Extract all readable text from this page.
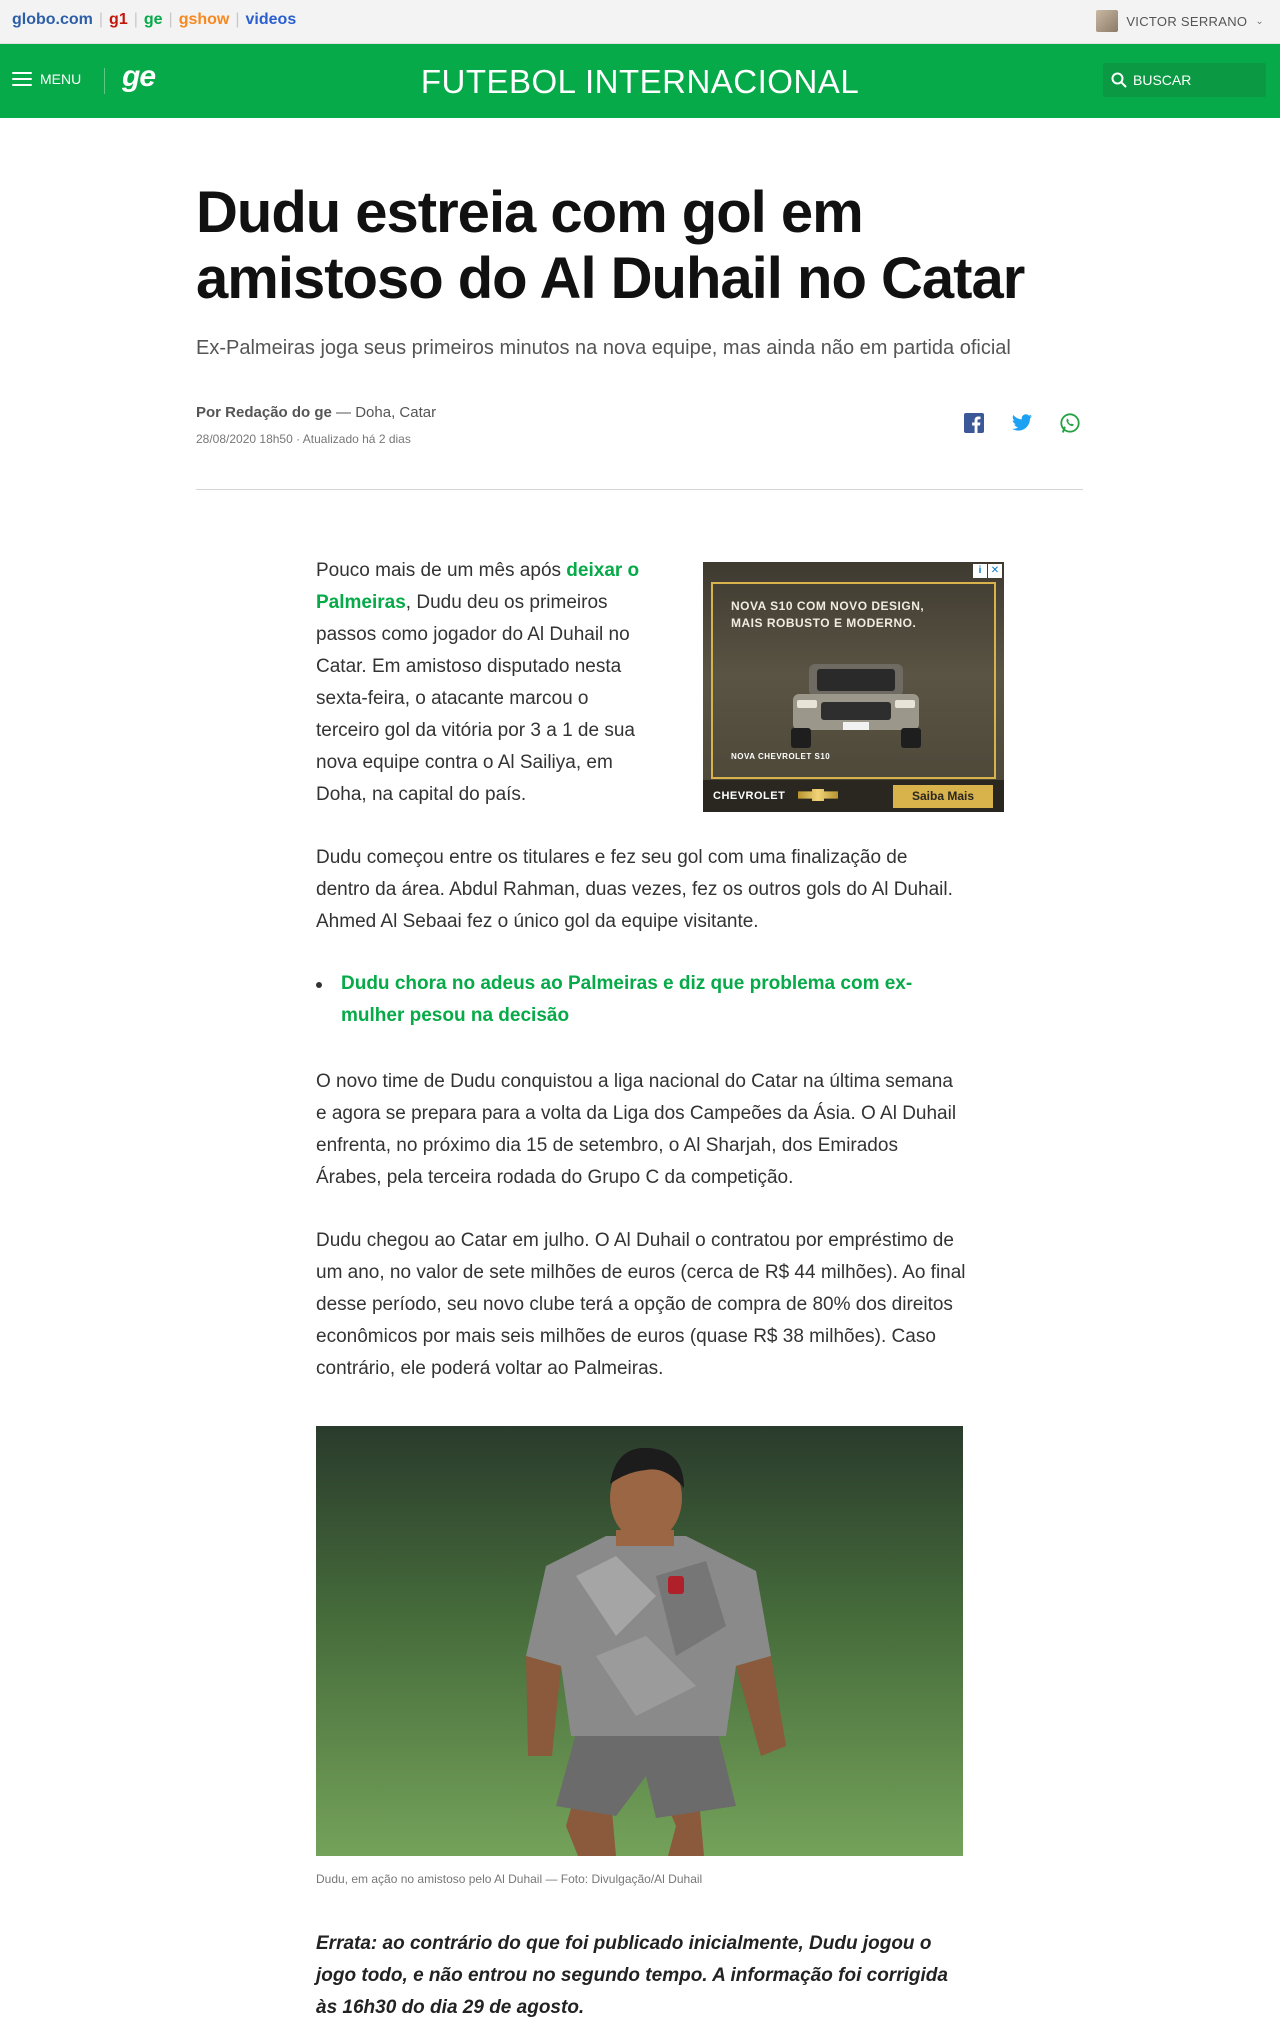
globo.com | g1 | ge | gshow | videos	VICTOR SERRANO ⌄
MENU ge	FUTEBOL INTERNACIONAL	BUSCAR
Dudu estreia com gol em amistoso do Al Duhail no Catar

Ex-Palmeiras joga seus primeiros minutos na nova equipe, mas ainda não em partida oficial

Por Redação do ge — Doha, Catar
28/08/2020 18h50 · Atualizado há 2 dias

Pouco mais de um mês após deixar o Palmeiras, Dudu deu os primeiros passos como jogador do Al Duhail no Catar. Em amistoso disputado nesta sexta-feira, o atacante marcou o terceiro gol da vitória por 3 a 1 de sua nova equipe contra o Al Sailiya, em Doha, na capital do país.

i ✕
NOVA S10 COM NOVO DESIGN, MAIS ROBUSTO E MODERNO.
NOVA CHEVROLET S10
CHEVROLET	Saiba Mais

Dudu começou entre os titulares e fez seu gol com uma finalização de dentro da área. Abdul Rahman, duas vezes, fez os outros gols do Al Duhail. Ahmed Al Sebaai fez o único gol da equipe visitante.

Dudu chora no adeus ao Palmeiras e diz que problema com ex-mulher pesou na decisão

O novo time de Dudu conquistou a liga nacional do Catar na última semana e agora se prepara para a volta da Liga dos Campeões da Ásia. O Al Duhail enfrenta, no próximo dia 15 de setembro, o Al Sharjah, dos Emirados Árabes, pela terceira rodada do Grupo C da competição.

Dudu chegou ao Catar em julho. O Al Duhail o contratou por empréstimo de um ano, no valor de sete milhões de euros (cerca de R$ 44 milhões). Ao final desse período, seu novo clube terá a opção de compra de 80% dos direitos econômicos por mais seis milhões de euros (quase R$ 38 milhões). Caso contrário, ele poderá voltar ao Palmeiras.

Dudu, em ação no amistoso pelo Al Duhail — Foto: Divulgação/Al Duhail

Errata: ao contrário do que foi publicado inicialmente, Dudu jogou o jogo todo, e não entrou no segundo tempo. A informação foi corrigida às 16h30 do dia 29 de agosto.
